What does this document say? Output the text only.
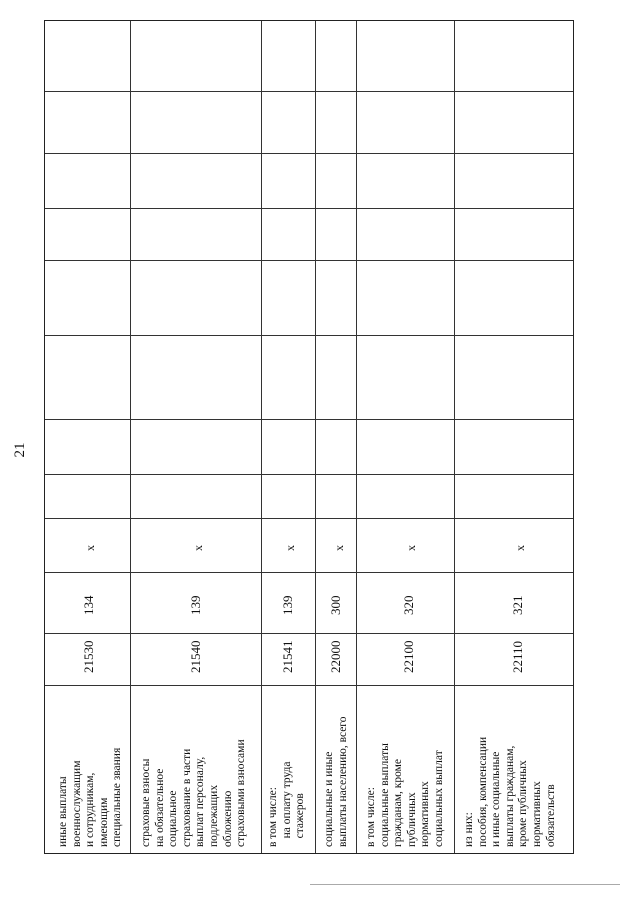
21
иные выплаты
военнослужащим
и сотрудникам,
имеющим
специальные звания
21530
134
x
страховые взносы
на обязательное
социальное
страхование в части
выплат персоналу,
подлежащих
обложению
страховыми взносами
21540
139
x
в том числе:
на оплату труда
стажеров
21541
139
x
социальные и иные
выплаты населению, всего
22000
300
x
в том числе:
социальные выплаты
гражданам, кроме
публичных
нормативных
социальных выплат
22100
320
x
из них:
пособия, компенсации
и иные социальные
выплаты гражданам,
кроме публичных
нормативных
обязательств
22110
321
x
